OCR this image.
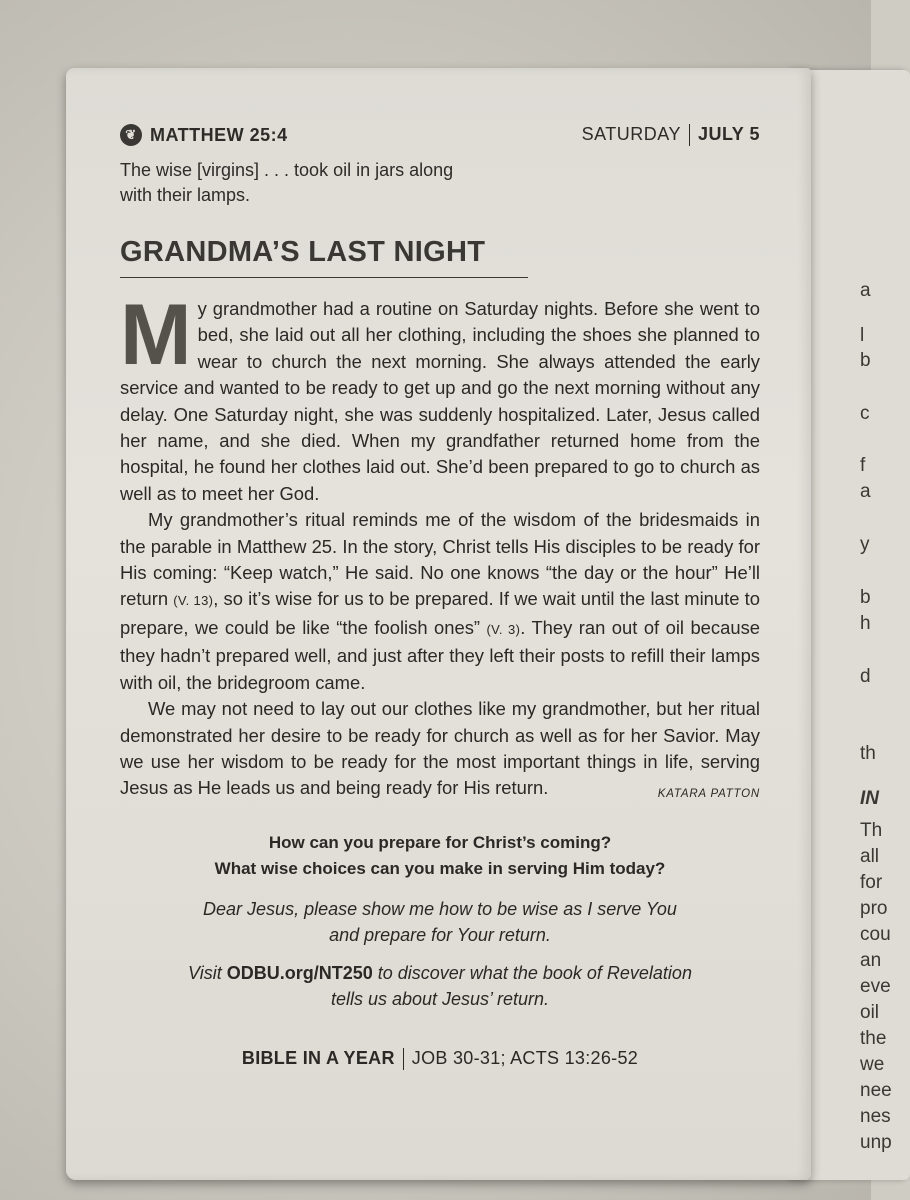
a
l
b
c
f
a
y
b
h
d
th
IN
Th
all
for
pro
cou
an
eve
oil
the
we
nee
nes
unp
❦ MATTHEW 25:4	SATURDAY JULY 5
The wise [virgins] . . . took oil in jars along with their lamps.
GRANDMA’S LAST NIGHT

My grandmother had a routine on Saturday nights. Before she went to bed, she laid out all her clothing, including the shoes she planned to wear to church the next morning. She always attended the early service and wanted to be ready to get up and go the next morning without any delay. One Saturday night, she was suddenly hospitalized. Later, Jesus called her name, and she died. When my grandfather returned home from the hospital, he found her clothes laid out. She’d been prepared to go to church as well as to meet her God.

My grandmother’s ritual reminds me of the wisdom of the bridesmaids in the parable in Matthew 25. In the story, Christ tells His disciples to be ready for His coming: “Keep watch,” He said. No one knows “the day or the hour” He’ll return (V. 13), so it’s wise for us to be prepared. If we wait until the last minute to prepare, we could be like “the foolish ones” (V. 3). They ran out of oil because they hadn’t prepared well, and just after they left their posts to refill their lamps with oil, the bridegroom came.

We may not need to lay out our clothes like my grandmother, but her ritual demonstrated her desire to be ready for church as well as for her Savior. May we use her wisdom to be ready for the most important things in life, serving Jesus as He leads us and being ready for His return.	KATARA PATTON

How can you prepare for Christ’s coming?
What wise choices can you make in serving Him today?
Dear Jesus, please show me how to be wise as I serve You
and prepare for Your return.
Visit ODBU.org/NT250 to discover what the book of Revelation
tells us about Jesus’ return.
BIBLE IN A YEAR JOB 30-31; ACTS 13:26-52
